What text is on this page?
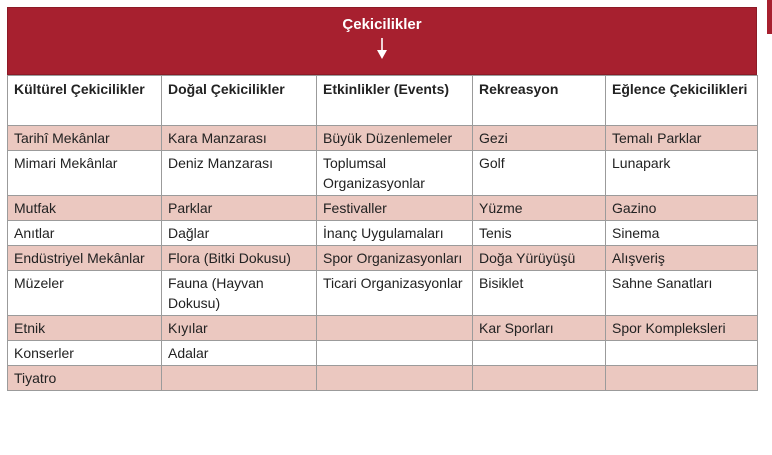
Çekicilikler
Kültürel Çekicilikler	Doğal Çekicilikler	Etkinlikler (Events)	Rekreasyon	Eğlence Çekicilikleri
Tarihî Mekânlar	Kara Manzarası	Büyük Düzenlemeler	Gezi	Temalı Parklar
Mimari Mekânlar	Deniz Manzarası	Toplumsal Organizasyonlar	Golf	Lunapark
Mutfak	Parklar	Festivaller	Yüzme	Gazino
Anıtlar	Dağlar	İnanç Uygulamaları	Tenis	Sinema
Endüstriyel Mekânlar	Flora (Bitki Dokusu)	Spor Organizasyonları	Doğa Yürüyüşü	Alışveriş
Müzeler	Fauna (Hayvan Dokusu)	Ticari Organizasyonlar	Bisiklet	Sahne Sanatları
Etnik	Kıyılar		Kar Sporları	Spor Kompleksleri
Konserler	Adalar			
Tiyatro				
